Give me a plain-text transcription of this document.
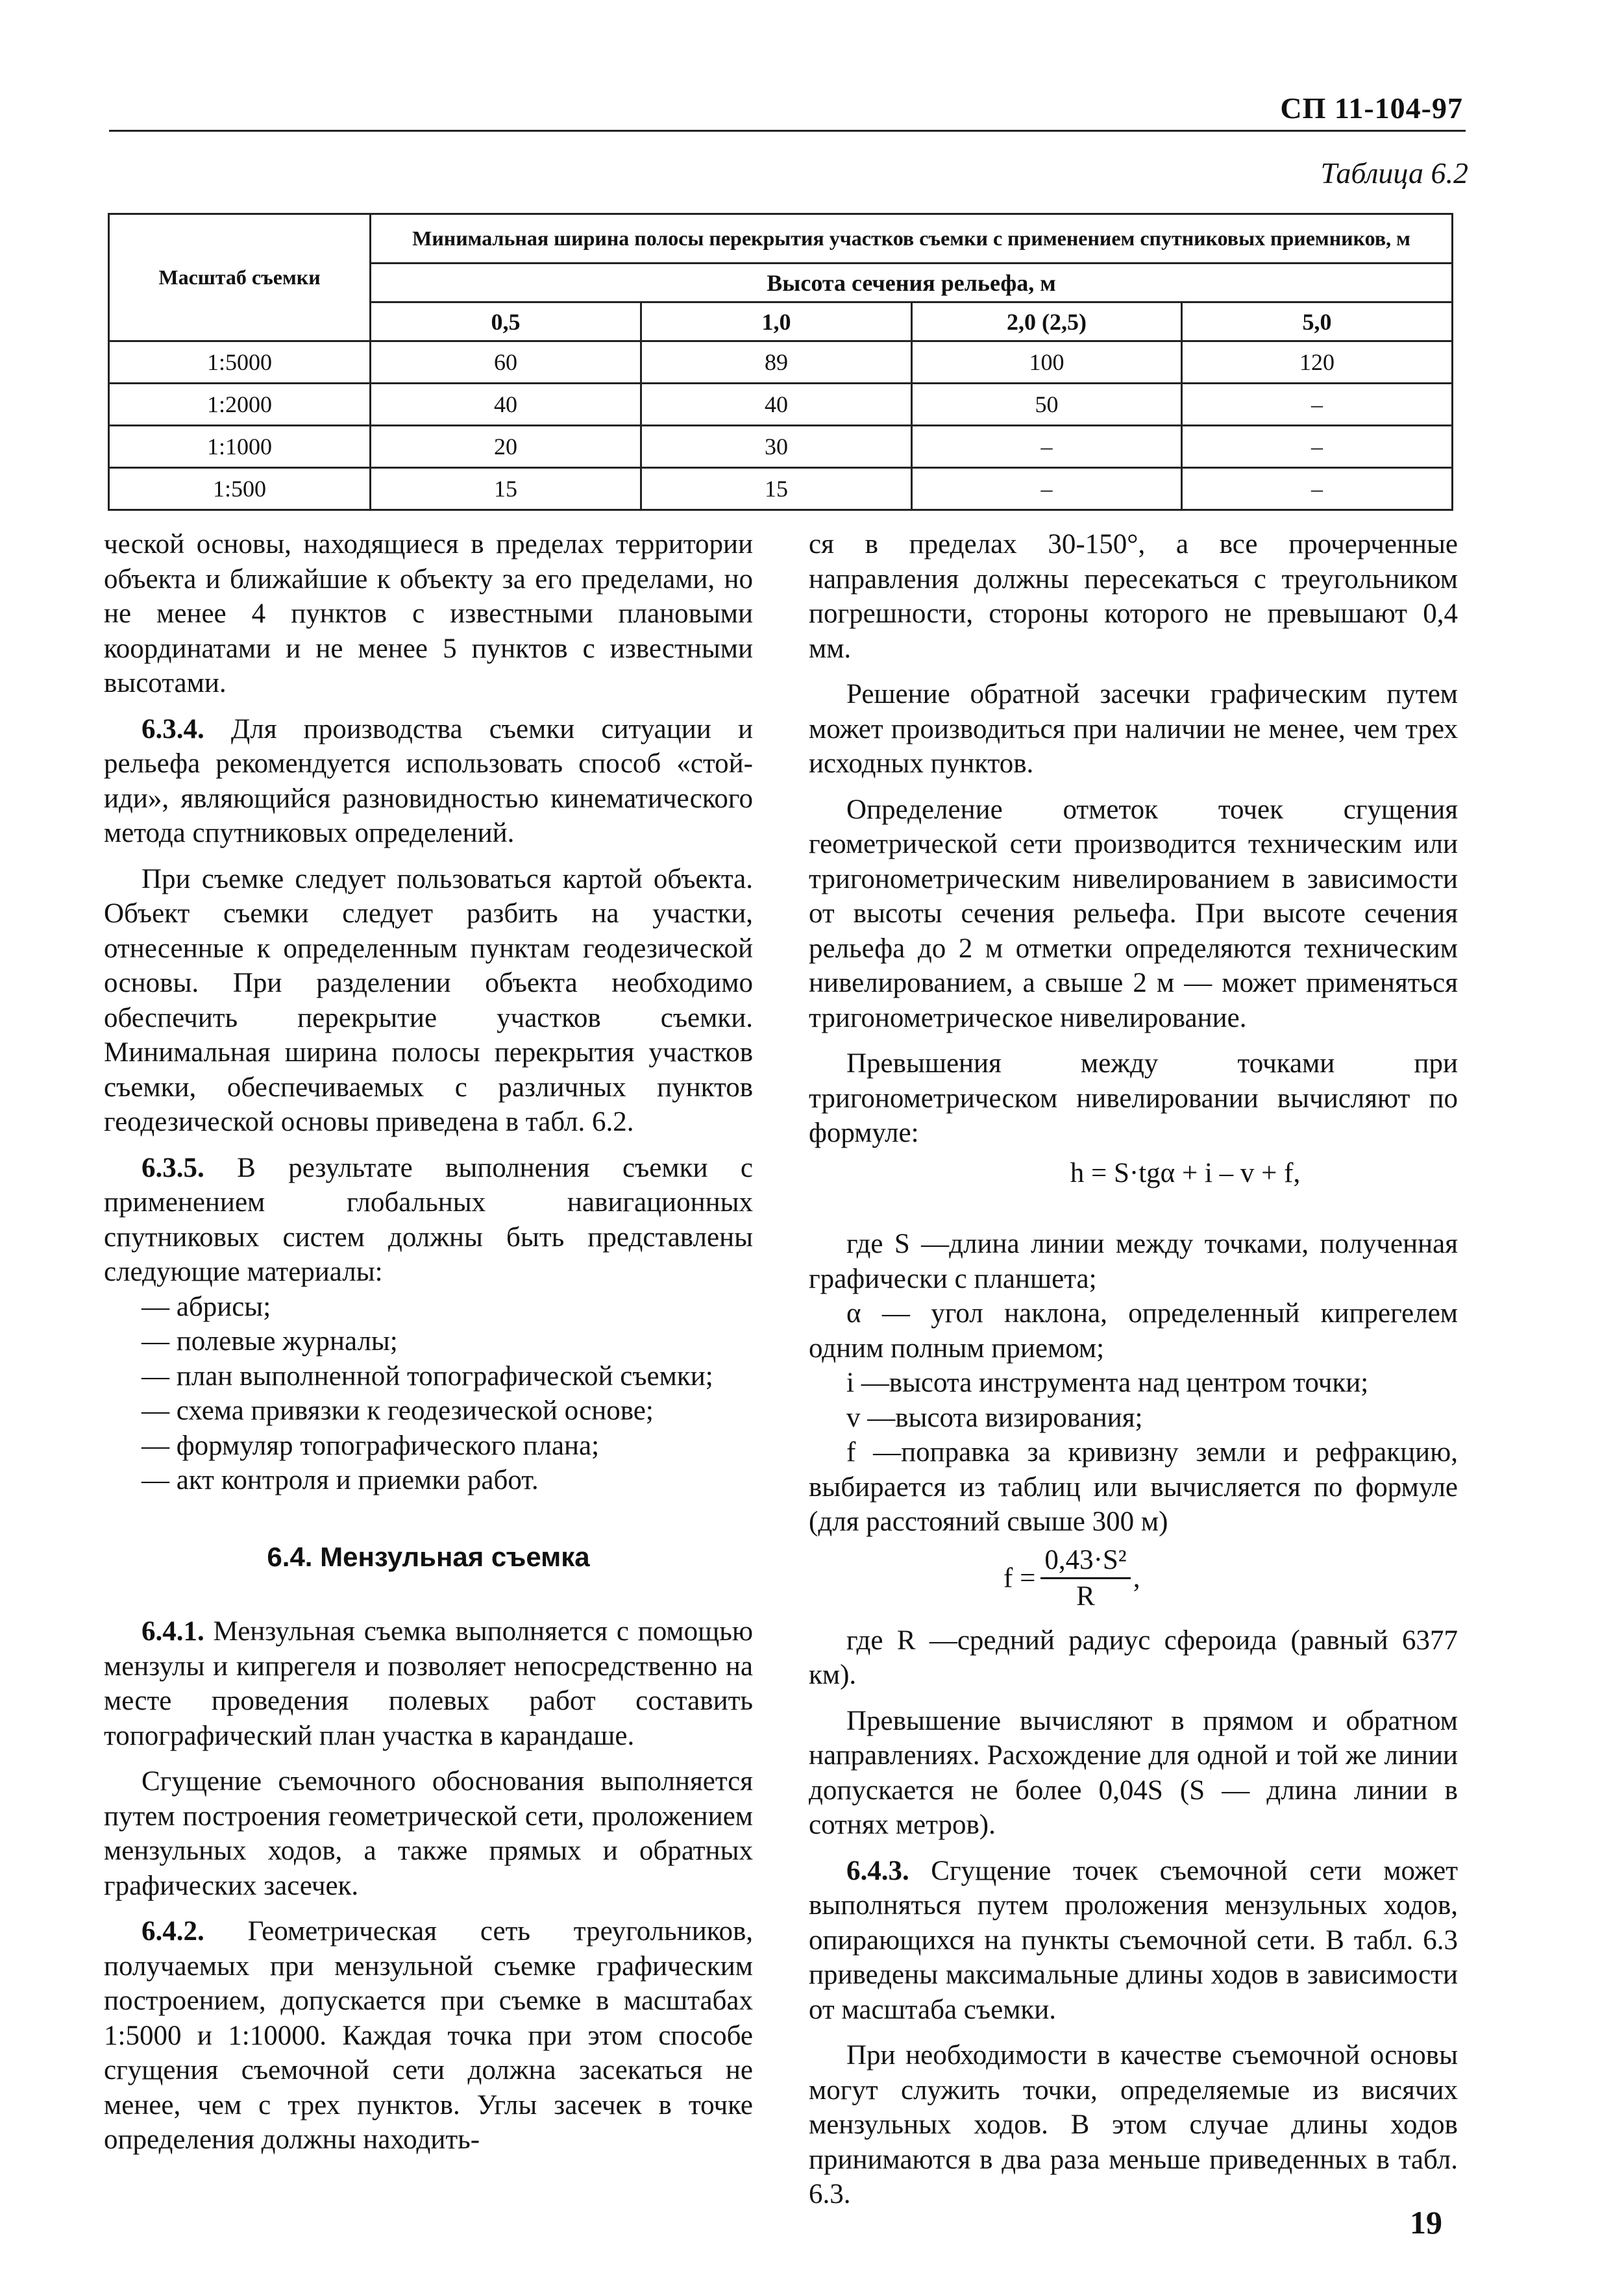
СП 11-104-97
Таблица 6.2
Масштаб съемки	Минимальная ширина полосы перекрытия участков съемки с применением спутниковых приемников, м			
	Высота сечения рельефа, м			
	0,5	1,0	2,0 (2,5)	5,0
1:5000	60	89	100	120
1:2000	40	40	50	–
1:1000	20	30	–	–
1:500	15	15	–	–

ческой основы, находящиеся в пределах территории объекта и ближайшие к объекту за его пределами, но не менее 4 пунктов с известными плановыми координатами и не менее 5 пунктов с известными высотами.

6.3.4. Для производства съемки ситуации и рельефа рекомендуется использовать способ «стой-иди», являющийся разновидностью кинематического метода спутниковых определений.

При съемке следует пользоваться картой объекта. Объект съемки следует разбить на участки, отнесенные к определенным пунктам геодезической основы. При разделении объекта необходимо обеспечить перекрытие участков съемки. Минимальная ширина полосы перекрытия участков съемки, обеспечиваемых с различных пунктов геодезической основы приведена в табл. 6.2.

6.3.5. В результате выполнения съемки с применением глобальных навигационных спутниковых систем должны быть представлены следующие материалы:

— абрисы;
— полевые журналы;
— план выполненной топографической съемки;
— схема привязки к геодезической основе;
— формуляр топографического плана;
— акт контроля и приемки работ.
6.4. Мензульная съемка

6.4.1. Мензульная съемка выполняется с помощью мензулы и кипрегеля и позволяет непосредственно на месте проведения полевых работ составить топографический план участка в карандаше.

Сгущение съемочного обоснования выполняется путем построения геометрической сети, проложением мензульных ходов, а также прямых и обратных графических засечек.

6.4.2. Геометрическая сеть треугольников, получаемых при мензульной съемке графическим построением, допускается при съемке в масштабах 1:5000 и 1:10000. Каждая точка при этом способе сгущения съемочной сети должна засекаться не менее, чем с трех пунктов. Углы засечек в точке определения должны находить-

ся в пределах 30-150°, а все прочерченные направления должны пересекаться с треугольником погрешности, стороны которого не превышают 0,4 мм.

Решение обратной засечки графическим путем может производиться при наличии не менее, чем трех исходных пунктов.

Определение отметок точек сгущения геометрической сети производится техническим или тригонометрическим нивелированием в зависимости от высоты сечения рельефа. При высоте сечения рельефа до 2 м отметки определяются техническим нивелированием, а свыше 2 м — может применяться тригонометрическое нивелирование.

Превышения между точками при тригонометрическом нивелировании вычисляют по формуле:

h = S·tgα + i – v + f,

где S —длина линии между точками, полученная графически с планшета;

α — угол наклона, определенный кипрегелем одним полным приемом;

i —высота инструмента над центром точки;

v —высота визирования;

f —поправка за кривизну земли и рефракцию, выбирается из таблиц или вычисляется по формуле (для расстояний свыше 300 м)

$f = \frac{\text{0,43·S²}}{R}$ ,

где R —средний радиус сфероида (равный 6377 км).

Превышение вычисляют в прямом и обратном направлениях. Расхождение для одной и той же линии допускается не более 0,04S (S — длина линии в сотнях метров).

6.4.3. Сгущение точек съемочной сети может выполняться путем проложения мензульных ходов, опирающихся на пункты съемочной сети. В табл. 6.3 приведены максимальные длины ходов в зависимости от масштаба съемки.

При необходимости в качестве съемочной основы могут служить точки, определяемые из висячих мензульных ходов. В этом случае длины ходов принимаются в два раза меньше приведенных в табл. 6.3.

19
